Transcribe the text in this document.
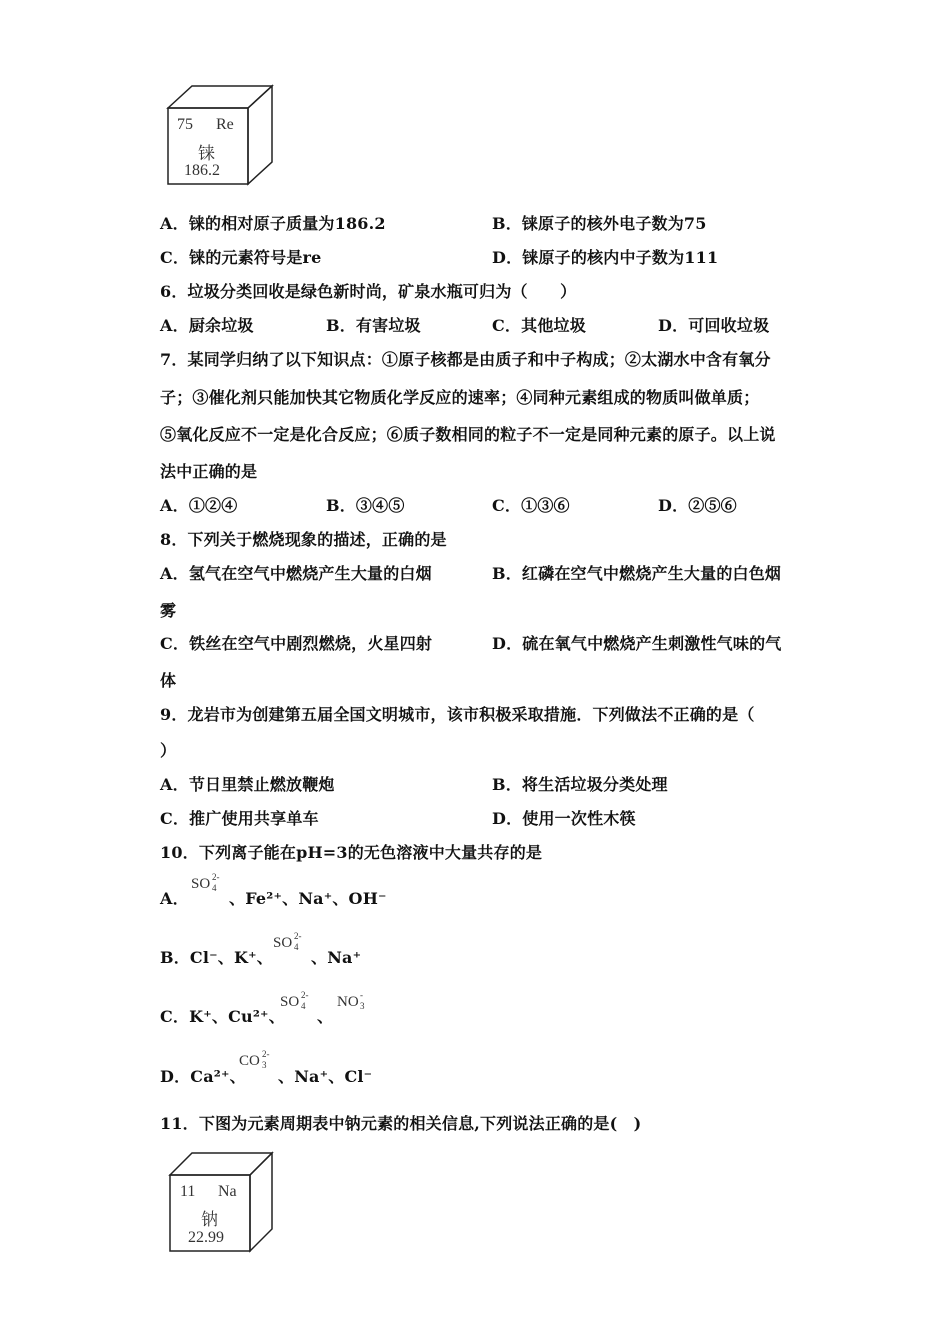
75 Re
铼
186.2
A．铼的相对原子质量为186.2	B．铼原子的核外电子数为75
C．铼的元素符号是re	D．铼原子的核内中子数为111
6．垃圾分类回收是绿色新时尚，矿泉水瓶可归为（　　）
A．厨余垃圾	B．有害垃圾	C．其他垃圾	D．可回收垃圾
7．某同学归纳了以下知识点：①原子核都是由质子和中子构成；②太湖水中含有氧分
子；③催化剂只能加快其它物质化学反应的速率；④同种元素组成的物质叫做单质；
⑤氧化反应不一定是化合反应；⑥质子数相同的粒子不一定是同种元素的原子。以上说
法中正确的是
A．①②④	B．③④⑤	C．①③⑥	D．②⑤⑥
8．下列关于燃烧现象的描述，正确的是
A．氢气在空气中燃烧产生大量的白烟	B．红磷在空气中燃烧产生大量的白色烟
雾
C．铁丝在空气中剧烈燃烧，火星四射	D．硫在氧气中燃烧产生刺激性气味的气
体
9．龙岩市为创建第五届全国文明城市，该市积极采取措施．下列做法不正确的是（
）
A．节日里禁止燃放鞭炮	B．将生活垃圾分类处理
C．推广使用共享单车	D．使用一次性木筷
10．下列离子能在pH=3的无色溶液中大量共存的是
A．
SO 2-
4
、Fe²⁺、Na⁺、OH⁻
B．Cl⁻、K⁺、
SO 2-
4
、Na⁺
C．K⁺、Cu²⁺、
SO 2-
4
、
NO -
3
D．Ca²⁺、
CO 2-
3
、Na⁺、Cl⁻
11．下图为元素周期表中钠元素的相关信息,下列说法正确的是(　)
11 Na
钠
22.99
